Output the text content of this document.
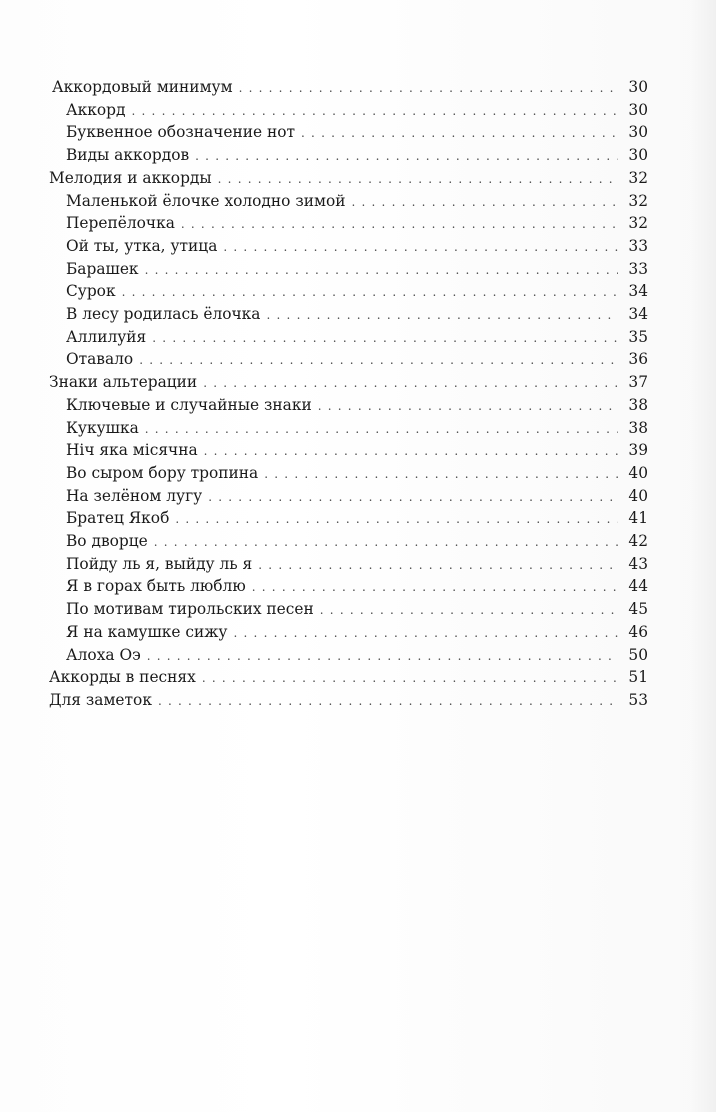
Аккордовый минимум . . .	30
Аккорд . . .	30
Буквенное обозначение нот . . .	30
Виды аккордов . . .	30
Мелодия и аккорды . . .	32
Маленькой ёлочке холодно зимой . . .	32
Перепёлочка . . .	32
Ой ты, утка, утица . . .	33
Барашек . . .	33
Сурок . . .	34
В лесу родилась ёлочка . . .	34
Аллилуйя . . .	35
Отавало . . .	36
Знаки альтерации . . .	37
Ключевые и случайные знаки . . .	38
Кукушка . . .	38
Нiч яка мiсячна . . .	39
Во сыром бору тропина . . .	40
На зелёном лугу . . .	40
Братец Якоб . . .	41
Во дворце . . .	42
Пойду ль я, выйду ль я . . .	43
Я в горах быть люблю . . .	44
По мотивам тирольских песен . . .	45
Я на камушке сижу . . .	46
Алоха Оэ . . .	50
Аккорды в песнях . . .	51
Для заметок . . .	53
